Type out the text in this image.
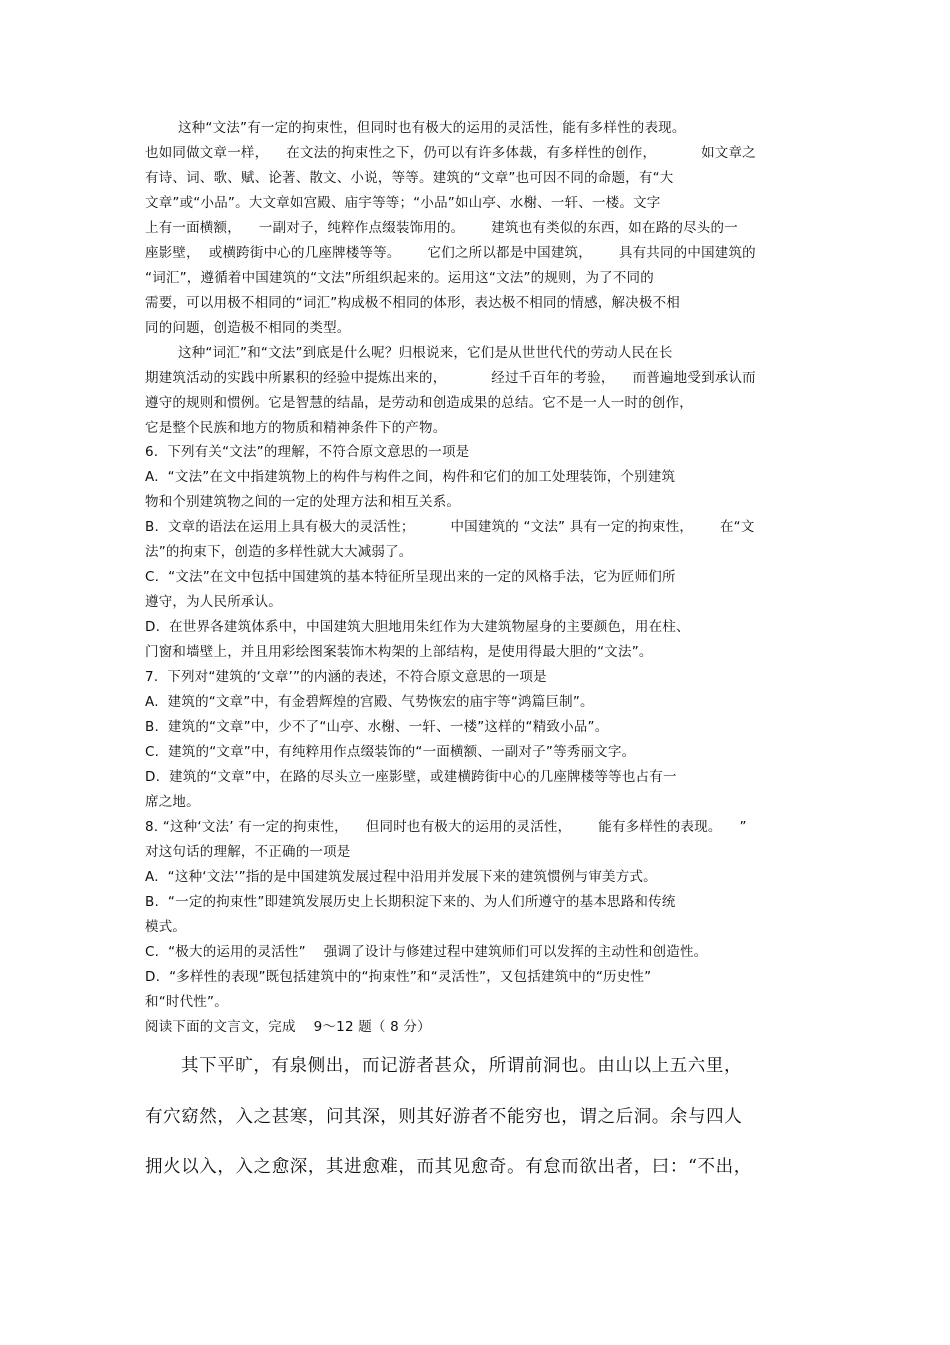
这种“文法”有一定的拘束性，但同时也有极大的运用的灵活性，能有多样性的表现。
也如同做文章一样，    在文法的拘束性之下，仍可以有许多体裁，有多样性的创作，          如文章之
有诗、词、歌、赋、论著、散文、小说，等等。建筑的“文章”也可因不同的命题，有“大
文章”或“小品”。大文章如宫殿、庙宇等等；“小品”如山亭、水榭、一轩、一楼。文字
上有一面横额，    一副对子，纯粹作点缀装饰用的。      建筑也有类似的东西，如在路的尽头的一
座影壁，  或横跨街中心的几座牌楼等等。      它们之所以都是中国建筑，      具有共同的中国建筑的
“词汇”，遵循着中国建筑的“文法”所组织起来的。运用这“文法”的规则，为了不同的
需要，可以用极不相同的“词汇”构成极不相同的体形，表达极不相同的情感，解决极不相
同的问题，创造极不相同的类型。
这种“词汇”和“文法”到底是什么呢？归根说来，它们是从世世代代的劳动人民在长
期建筑活动的实践中所累积的经验中提炼出来的，          经过千百年的考验，    而普遍地受到承认而
遵守的规则和惯例。它是智慧的结晶，是劳动和创造成果的总结。它不是一人一时的创作，
它是整个民族和地方的物质和精神条件下的产物。
6.  下列有关“文法”的理解，不符合原文意思的一项是
A.  “文法”在文中指建筑物上的构件与构件之间，构件和它们的加工处理装饰，个别建筑
物和个别建筑物之间的一定的处理方法和相互关系。
B.  文章的语法在运用上具有极大的灵活性；        中国建筑的 “文法” 具有一定的拘束性，      在“文
法”的拘束下，创造的多样性就大大减弱了。
C.  “文法”在文中包括中国建筑的基本特征所呈现出来的一定的风格手法，它为匠师们所
遵守，为人民所承认。
D.  在世界各建筑体系中，中国建筑大胆地用朱红作为大建筑物屋身的主要颜色，用在柱、
门窗和墙壁上，并且用彩绘图案装饰木构架的上部结构，是使用得最大胆的“文法”。
7.  下列对“建筑的‘文章’”的内涵的表述，不符合原文意思的一项是
A.  建筑的“文章”中，有金碧辉煌的宫殿、气势恢宏的庙宇等“鸿篇巨制”。
B.  建筑的“文章”中，少不了“山亭、水榭、一轩、一楼”这样的“精致小品”。
C.  建筑的“文章”中，有纯粹用作点缀装饰的“一面横额、一副对子”等秀丽文字。
D.  建筑的“文章”中，在路的尽头立一座影壁，或建横跨街中心的几座牌楼等等也占有一
席之地。
8. “这种‘文法’ 有一定的拘束性，    但同时也有极大的运用的灵活性，      能有多样性的表现。    ”
对这句话的理解，不正确的一项是
A.  “这种‘文法’”指的是中国建筑发展过程中沿用并发展下来的建筑惯例与审美方式。
B.  “一定的拘束性”即建筑发展历史上长期积淀下来的、为人们所遵守的基本思路和传统
模式。
C.  “极大的运用的灵活性”    强调了设计与修建过程中建筑师们可以发挥的主动性和创造性。
D.  “多样性的表现”既包括建筑中的“拘束性”和“灵活性”，又包括建筑中的“历史性”
和“时代性”。
阅读下面的文言文，完成    9～12 题（ 8 分）
其下平旷，有泉侧出，而记游者甚众，所谓前洞也。由山以上五六里，
有穴窈然，入之甚寒，问其深，则其好游者不能穷也，谓之后洞。余与四人
拥火以入，入之愈深，其进愈难，而其见愈奇。有怠而欲出者，曰：“不出，
